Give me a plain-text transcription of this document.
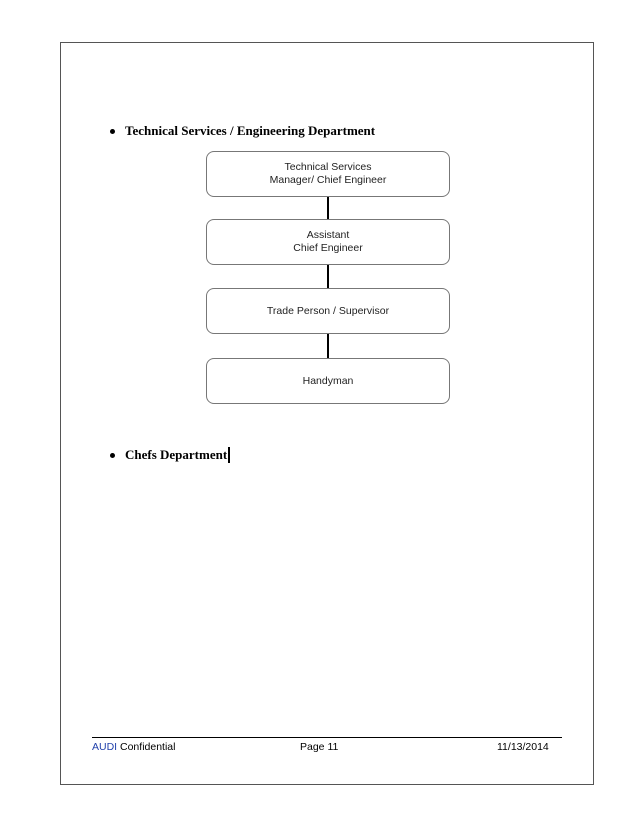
Technical Services / Engineering Department
Technical Services
Manager/ Chief Engineer
Assistant
Chief Engineer
Trade Person / Supervisor
Handyman
Chefs Department
AUDI Confidential	Page 11	11/13/2014
